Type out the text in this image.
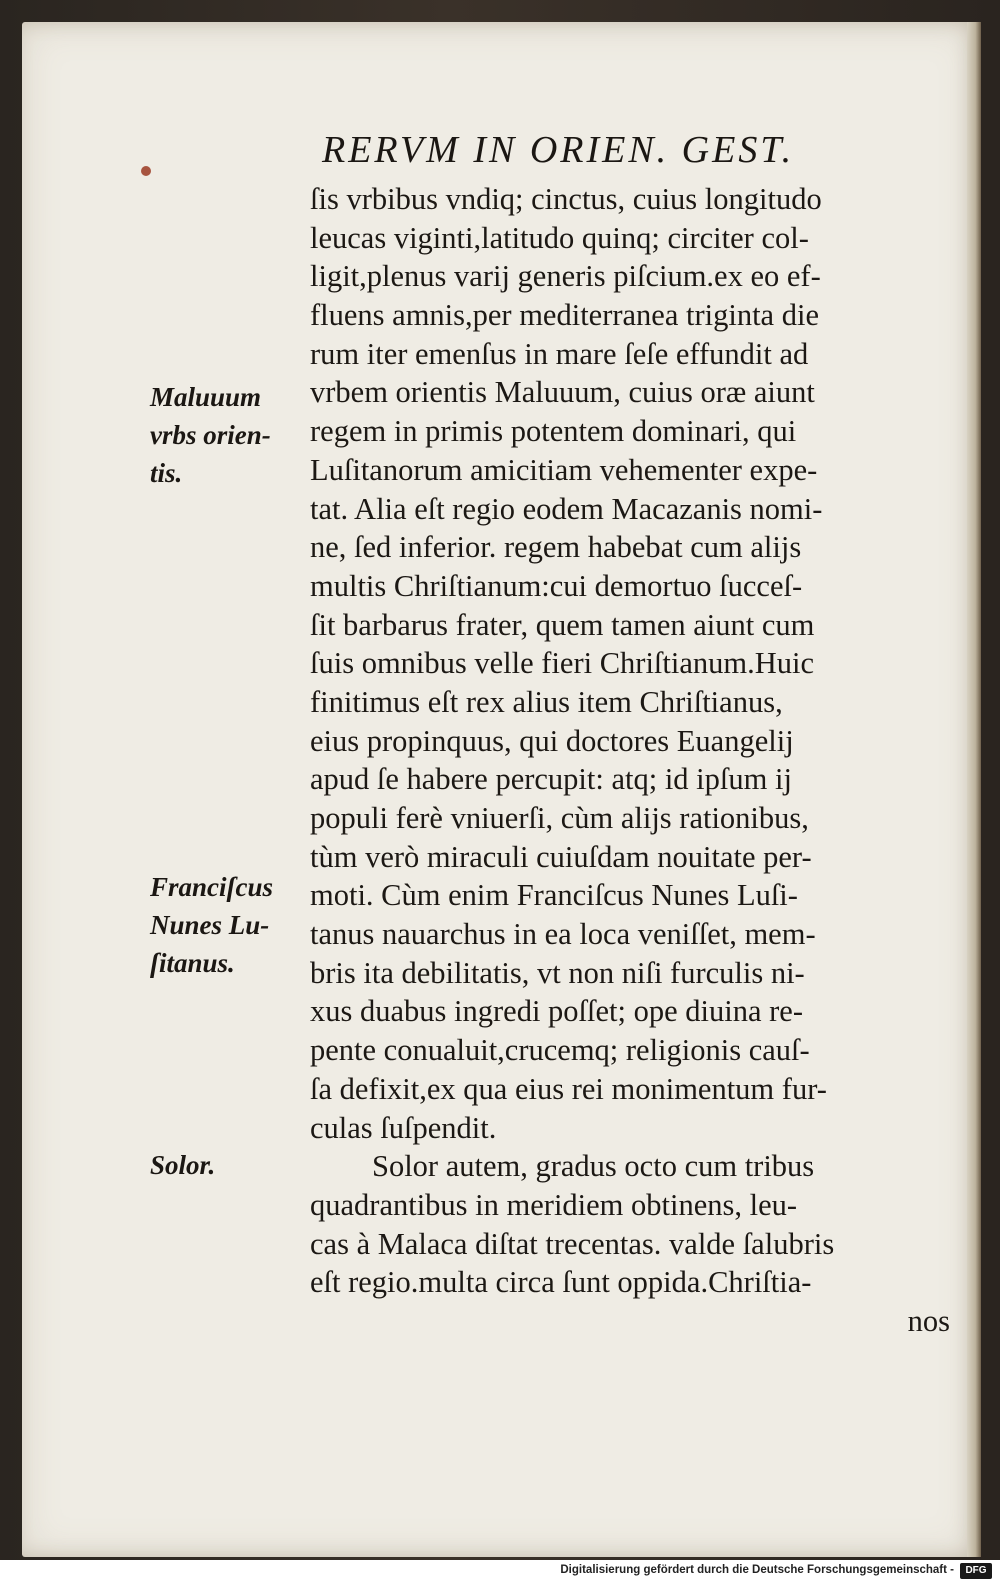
RERVM IN ORIEN. GEST.
ſis vrbibus vndiq; cinctus, cuius longitudo
leucas viginti,latitudo quinq; circiter col-
ligit,plenus varij generis piſcium.ex eo ef-
fluens amnis,per mediterranea triginta die
rum iter emenſus in mare ſeſe effundit ad
vrbem orientis Maluuum, cuius oræ aiunt
regem in primis potentem dominari, qui
Luſitanorum amicitiam vehementer expe-
tat. Alia eſt regio eodem Macazanis nomi-
ne, ſed inferior. regem habebat cum alijs
multis Chriſtianum:cui demortuo ſucceſ-
ſit barbarus frater, quem tamen aiunt cum
ſuis omnibus velle fieri Chriſtianum.Huic
finitimus eſt rex alius item Chriſtianus,
eius propinquus, qui doctores Euangelij
apud ſe habere percupit: atq; id ipſum ij
populi ferè vniuerſi, cùm alijs rationibus,
tùm verò miraculi cuiuſdam nouitate per-
moti. Cùm enim Franciſcus Nunes Luſi-
tanus nauarchus in ea loca veniſſet, mem-
bris ita debilitatis, vt non niſi furculis ni-
xus duabus ingredi poſſet; ope diuina re-
pente conualuit,crucemq; religionis cauſ-
ſa defixit,ex qua eius rei monimentum fur-
culas ſuſpendit.
Solor autem, gradus octo cum tribus
quadrantibus in meridiem obtinens, leu-
cas à Malaca diſtat trecentas. valde ſalubris
eſt regio.multa circa ſunt oppida.Chriſtia-
nos
Maluuum
vrbs orien-
tis.
Franciſcus
Nunes Lu-
ſitanus.
Solor.
Digitalisierung gefördert durch die Deutsche Forschungsgemeinschaft -	DFG
